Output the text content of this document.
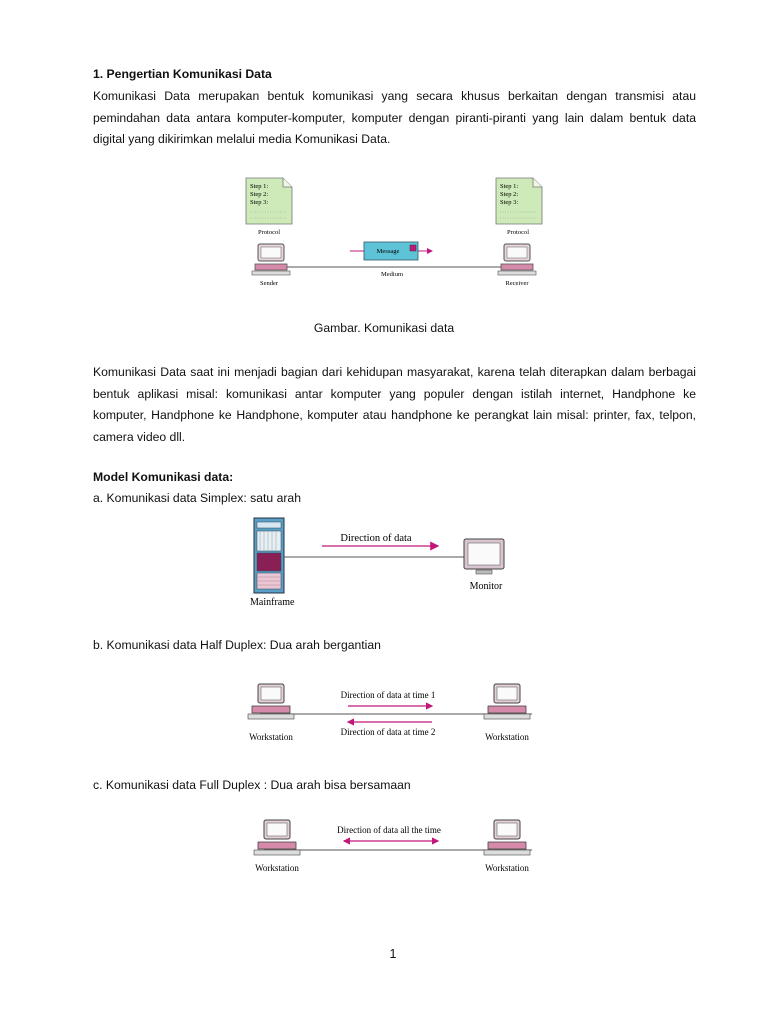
1. Pengertian Komunikasi Data
Komunikasi Data merupakan bentuk komunikasi yang secara khusus berkaitan dengan transmisi atau pemindahan data antara komputer-komputer, komputer dengan piranti-piranti yang lain dalam bentuk data digital yang dikirimkan melalui media Komunikasi Data.
Step 1:
Step 2:
Step 3:
Protocol
Step 1:
Step 2:
Step 3:
Protocol
Message
Medium
Sender	Receiver
Gambar. Komunikasi data
Komunikasi Data saat ini menjadi bagian dari kehidupan masyarakat, karena telah diterapkan dalam berbagai bentuk aplikasi misal: komunikasi antar komputer yang populer dengan istilah internet, Handphone ke komputer, Handphone ke Handphone, komputer atau handphone ke perangkat lain misal: printer, fax, telpon, camera video dll.
Model Komunikasi data:
a. Komunikasi data Simplex: satu arah
Mainframe
Direction of data
Monitor
b. Komunikasi data Half Duplex: Dua arah bergantian
Direction of data at time 1
Direction of data at time 2
Workstation	Workstation
c. Komunikasi data Full Duplex : Dua arah bisa bersamaan
Direction of data all the time
Workstation	Workstation
1
